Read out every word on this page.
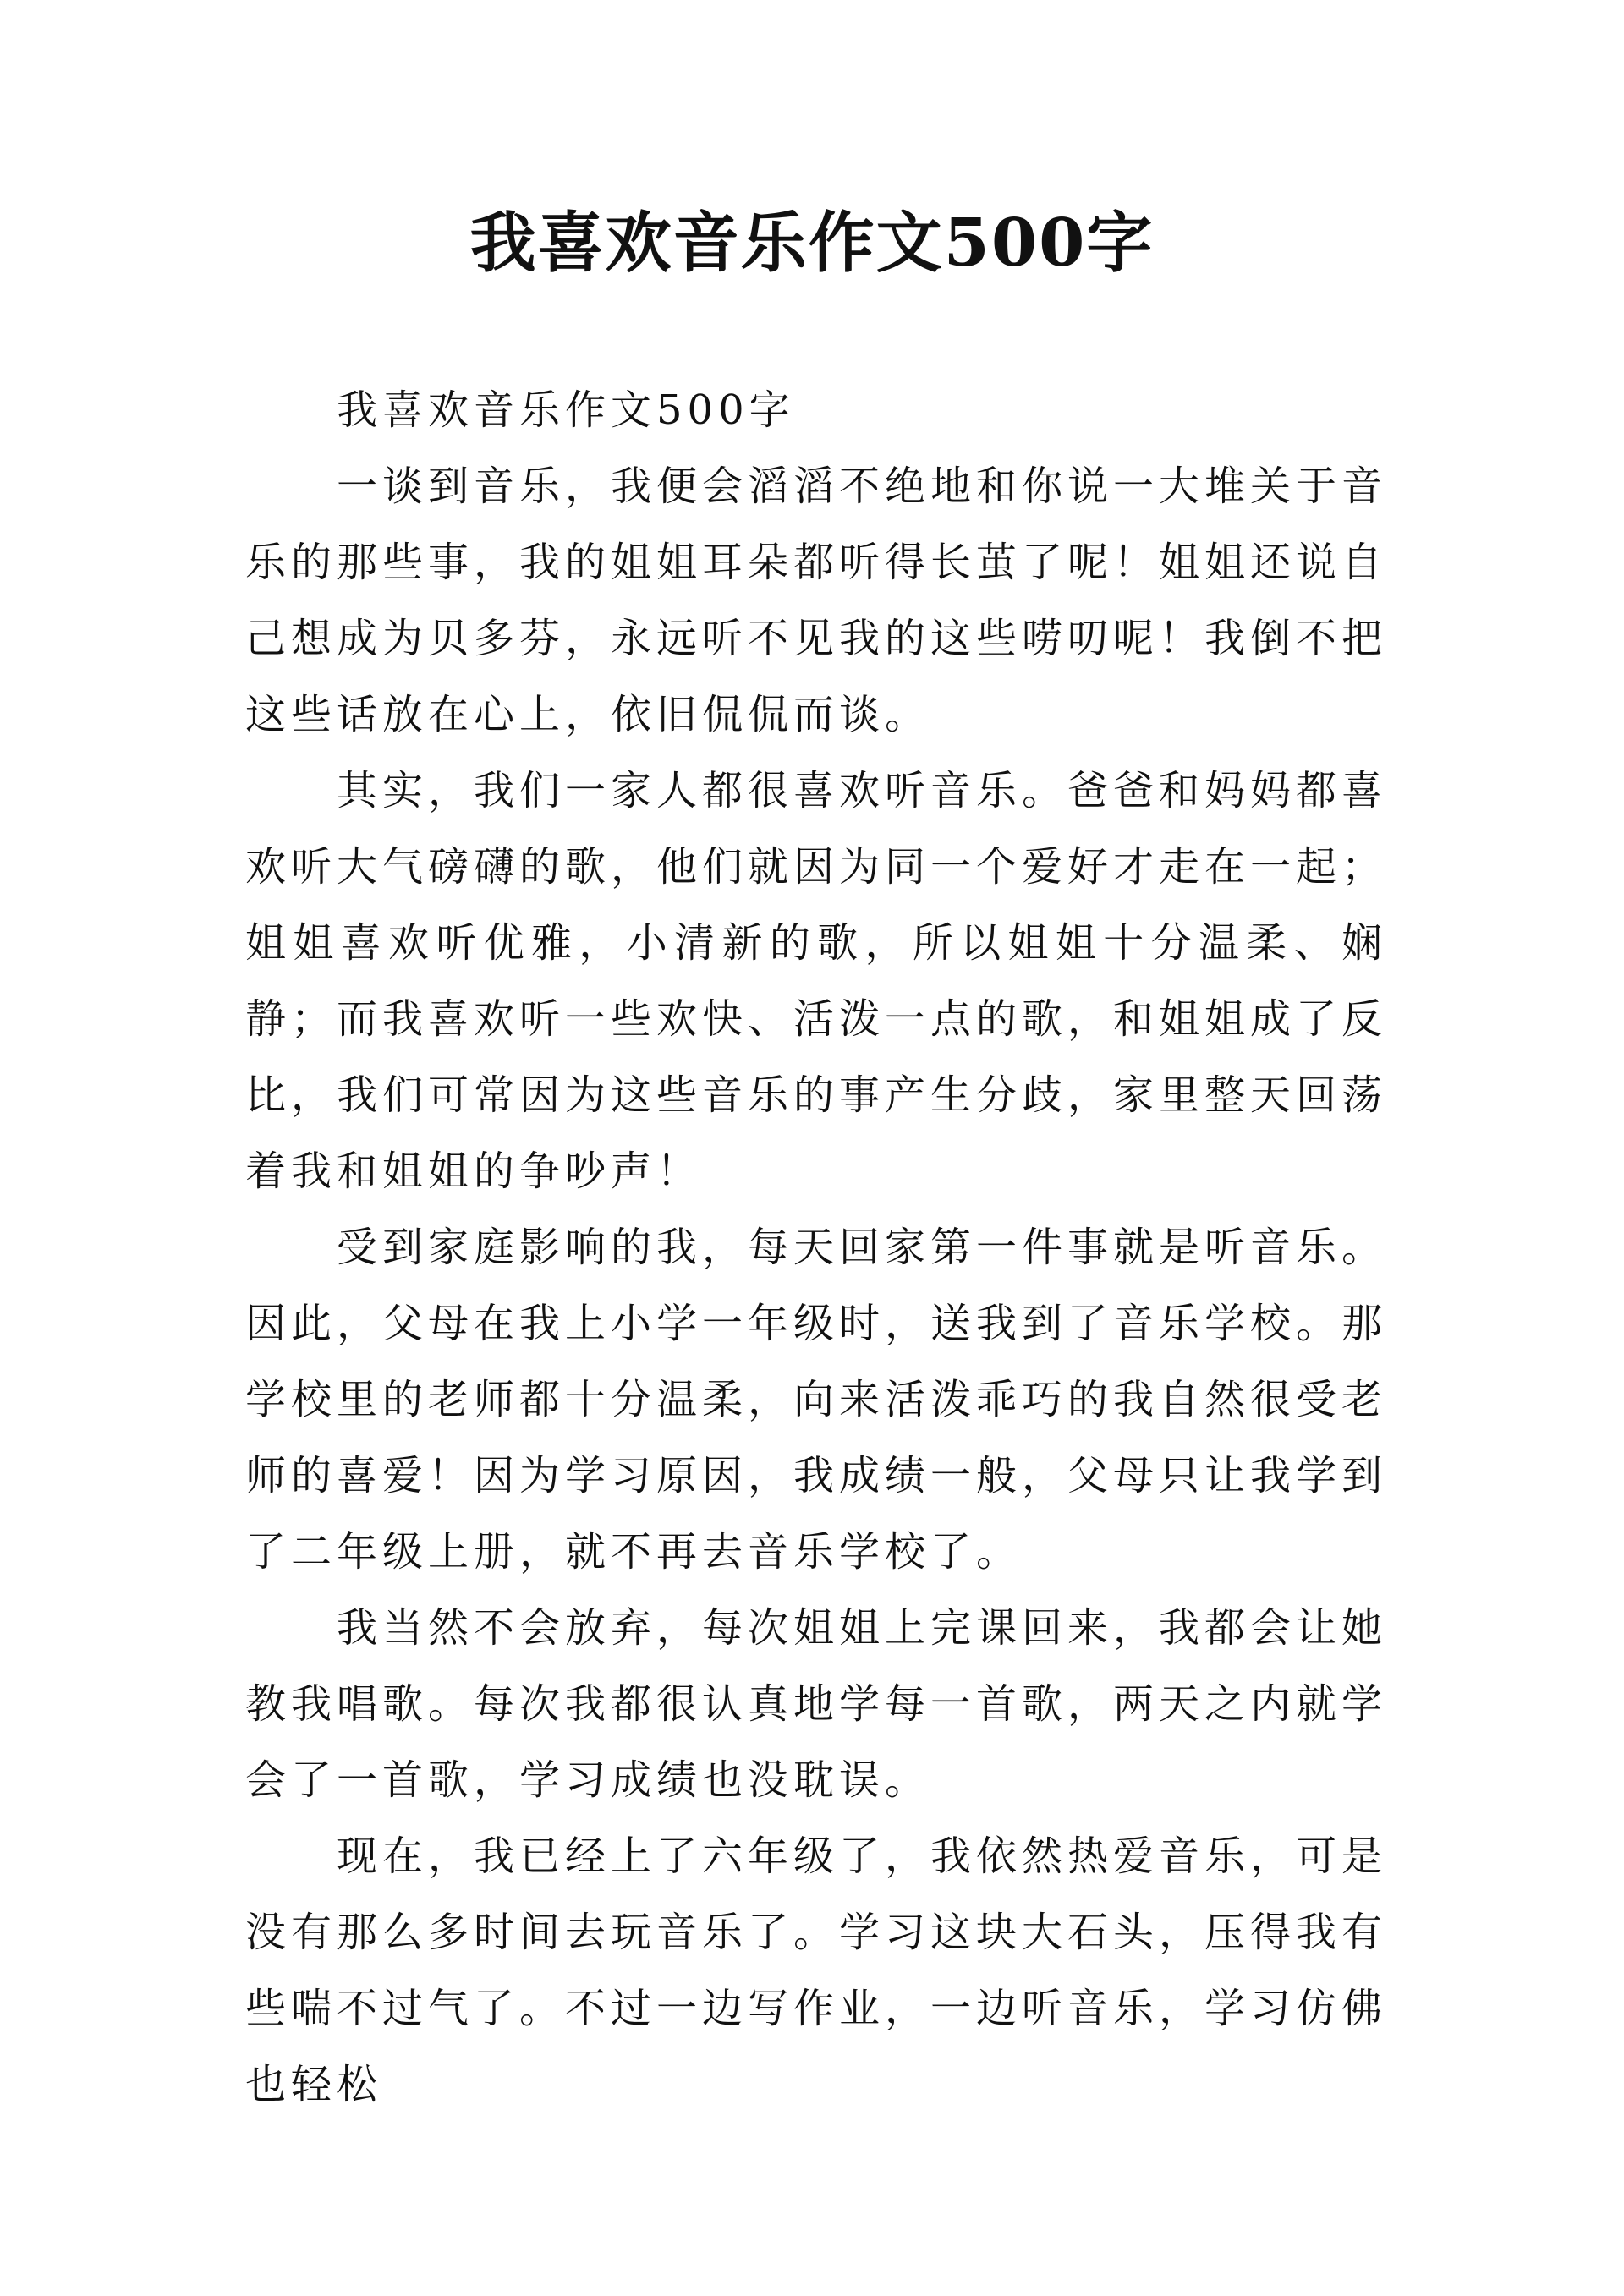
我喜欢音乐作文500字

我喜欢音乐作文500字

一谈到音乐，我便会滔滔不绝地和你说一大堆关于音乐的那些事，我的姐姐耳朵都听得长茧了呢！姐姐还说自己想成为贝多芬，永远听不见我的这些唠叨呢！我倒不把这些话放在心上，依旧侃侃而谈。

其实，我们一家人都很喜欢听音乐。爸爸和妈妈都喜欢听大气磅礴的歌，他们就因为同一个爱好才走在一起；姐姐喜欢听优雅，小清新的歌，所以姐姐十分温柔、娴静；而我喜欢听一些欢快、活泼一点的歌，和姐姐成了反比，我们可常因为这些音乐的事产生分歧，家里整天回荡着我和姐姐的争吵声！

受到家庭影响的我，每天回家第一件事就是听音乐。因此，父母在我上小学一年级时，送我到了音乐学校。那学校里的老师都十分温柔，向来活泼乖巧的我自然很受老师的喜爱！因为学习原因，我成绩一般，父母只让我学到了二年级上册，就不再去音乐学校了。

我当然不会放弃，每次姐姐上完课回来，我都会让她教我唱歌。每次我都很认真地学每一首歌，两天之内就学会了一首歌，学习成绩也没耽误。

现在，我已经上了六年级了，我依然热爱音乐，可是没有那么多时间去玩音乐了。学习这块大石头，压得我有些喘不过气了。不过一边写作业，一边听音乐，学习仿佛也轻松
